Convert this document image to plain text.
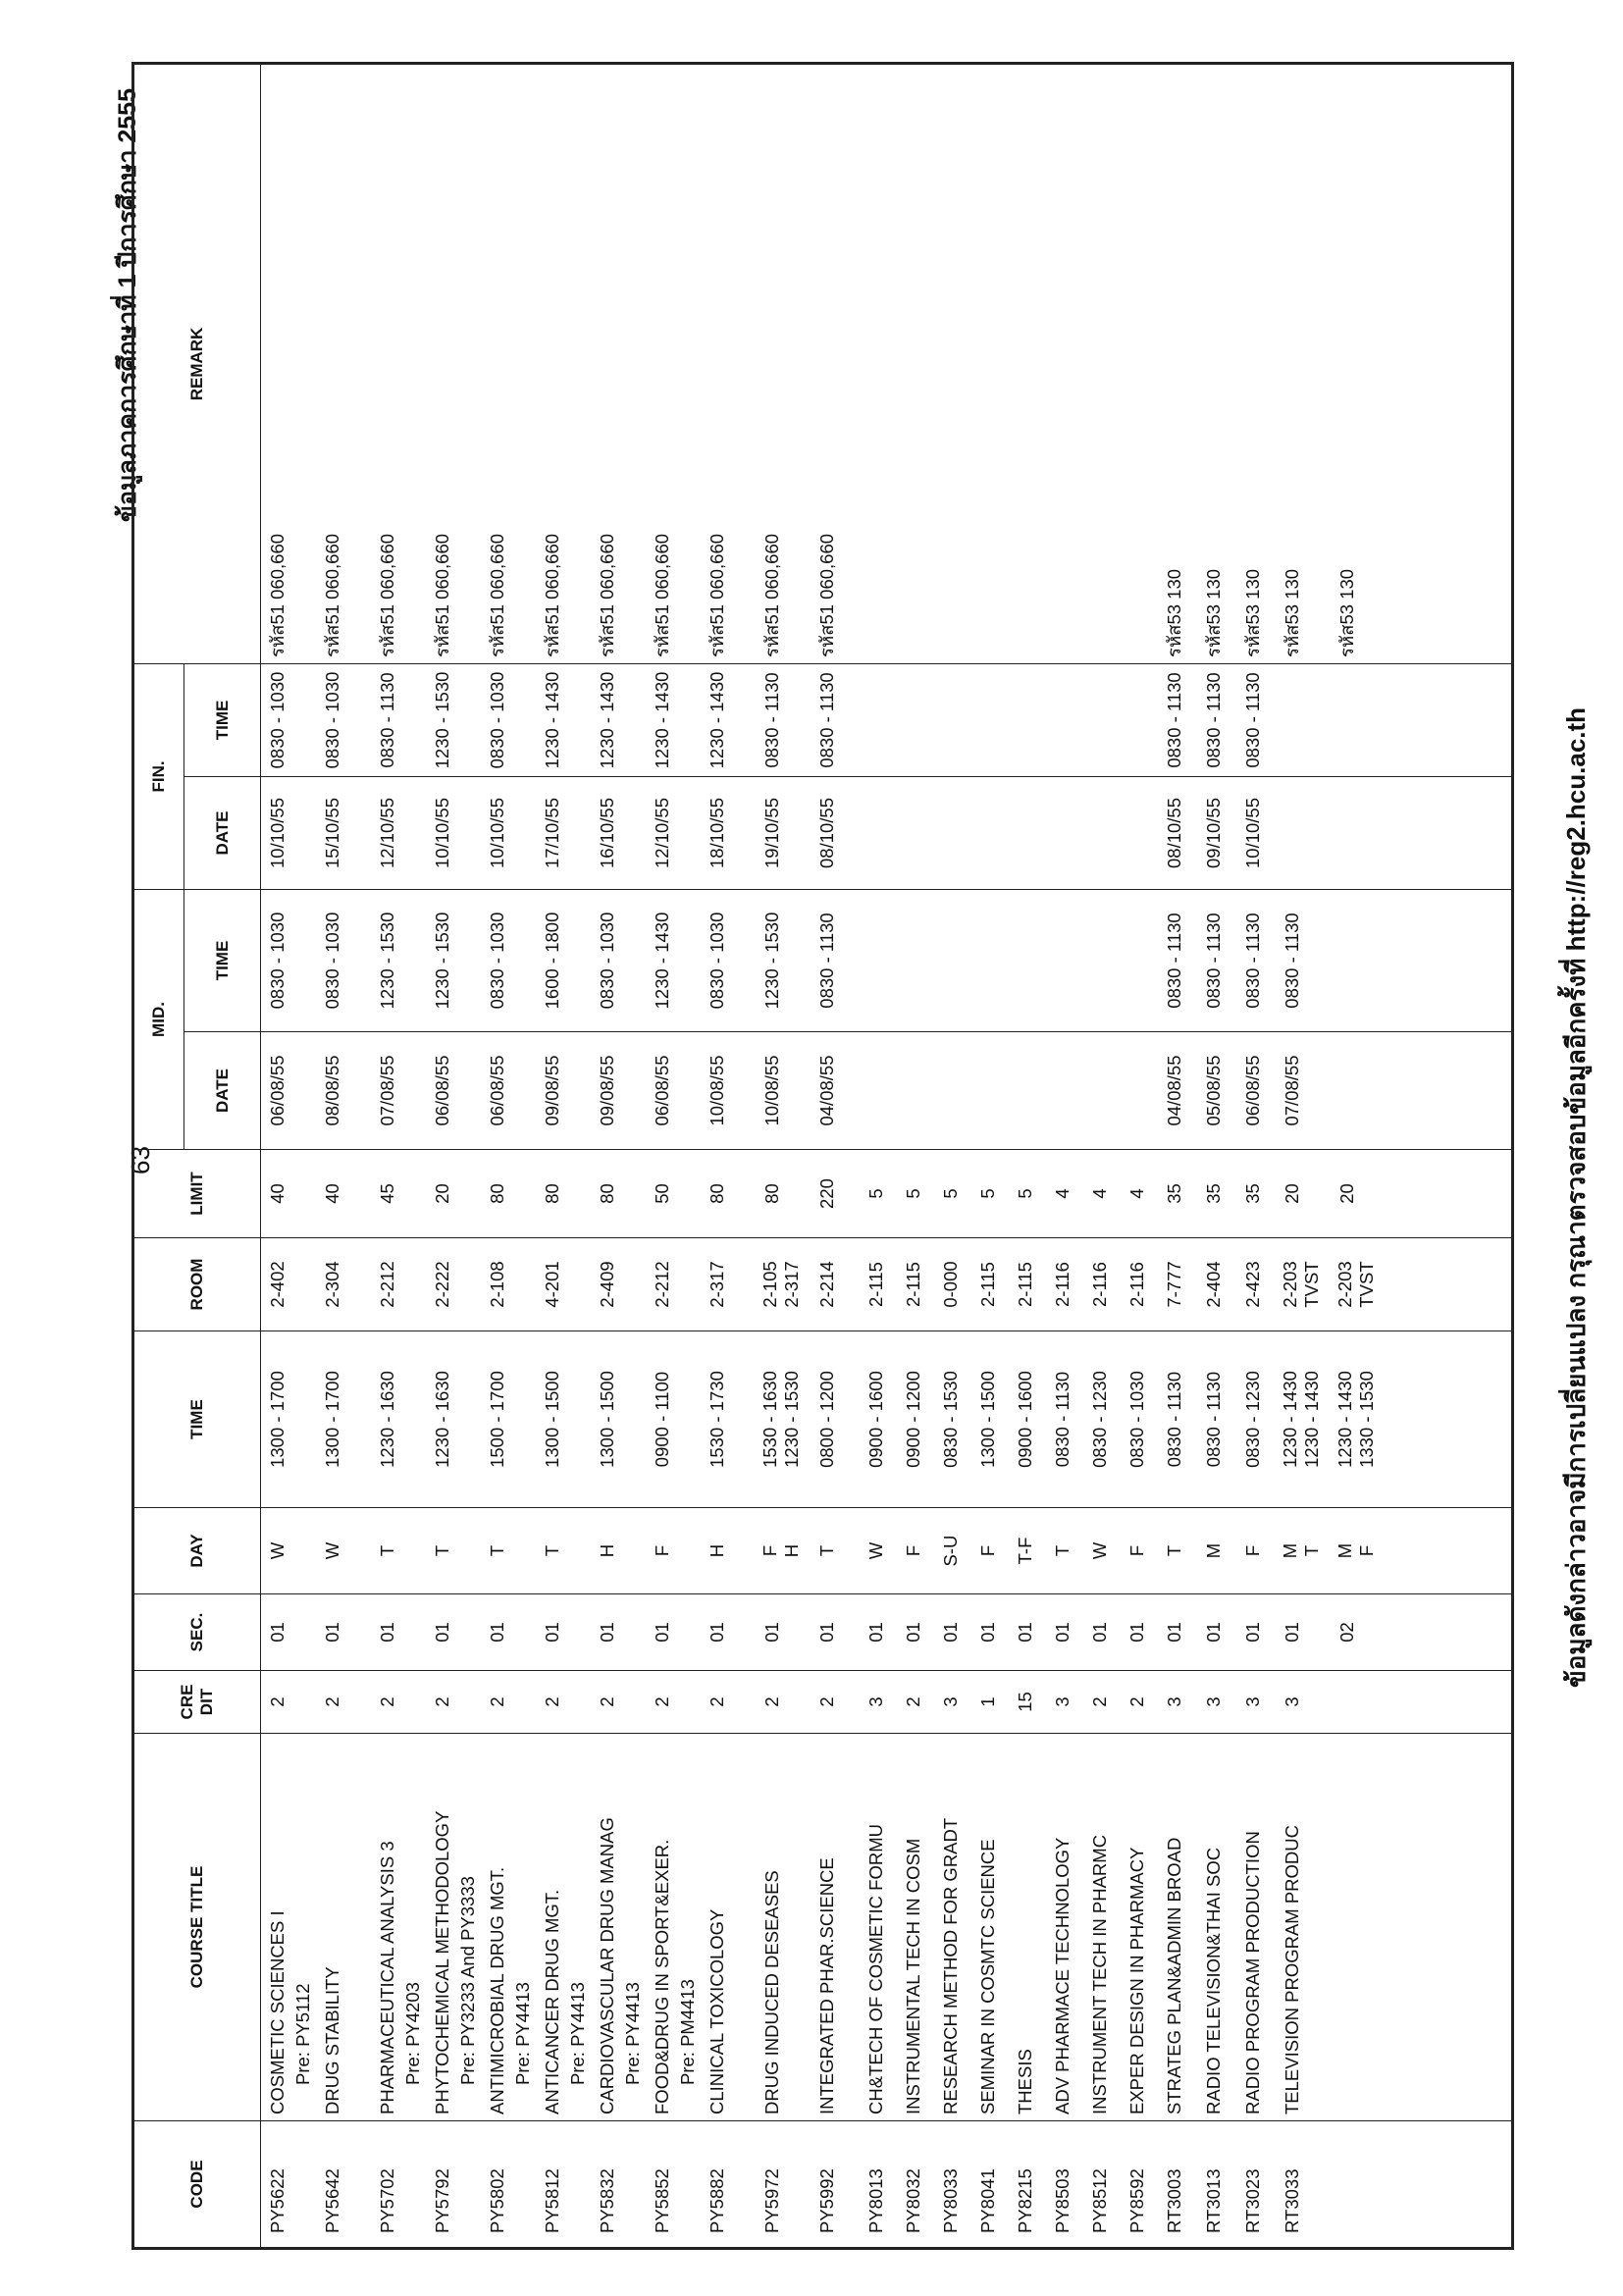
63
ข้อมูลภาคการศึกษาที่ 1 ปีการศึกษา 2555
CODE	COURSE TITLE	CRE DIT	SEC.	DAY	TIME	ROOM	LIMIT	MID.		FIN.		REMARK
								DATE	TIME	DATE	TIME	
PY5622	COSMETIC SCIENCES I Pre: PY5112	2	01	W	1300 - 1700	2-402	40	06/08/55	0830 - 1030	10/10/55	0830 - 1030	รหัส51 060,660
PY5642	DRUG STABILITY	2	01	W	1300 - 1700	2-304	40	08/08/55	0830 - 1030	15/10/55	0830 - 1030	รหัส51 060,660
PY5702	PHARMACEUTICAL ANALYSIS 3 Pre: PY4203	2	01	T	1230 - 1630	2-212	45	07/08/55	1230 - 1530	12/10/55	0830 - 1130	รหัส51 060,660
PY5792	PHYTOCHEMICAL METHODOLOGY Pre: PY3233 And PY3333	2	01	T	1230 - 1630	2-222	20	06/08/55	1230 - 1530	10/10/55	1230 - 1530	รหัส51 060,660
PY5802	ANTIMICROBIAL DRUG MGT. Pre: PY4413	2	01	T	1500 - 1700	2-108	80	06/08/55	0830 - 1030	10/10/55	0830 - 1030	รหัส51 060,660
PY5812	ANTICANCER DRUG MGT. Pre: PY4413	2	01	T	1300 - 1500	4-201	80	09/08/55	1600 - 1800	17/10/55	1230 - 1430	รหัส51 060,660
PY5832	CARDIOVASCULAR DRUG MANAG Pre: PY4413	2	01	H	1300 - 1500	2-409	80	09/08/55	0830 - 1030	16/10/55	1230 - 1430	รหัส51 060,660
PY5852	FOOD&DRUG IN SPORT&EXER. Pre: PM4413	2	01	F	0900 - 1100	2-212	50	06/08/55	1230 - 1430	12/10/55	1230 - 1430	รหัส51 060,660
PY5882	CLINICAL TOXICOLOGY	2	01	H	1530 - 1730	2-317	80	10/08/55	0830 - 1030	18/10/55	1230 - 1430	รหัส51 060,660
PY5972	DRUG INDUCED DESEASES	2	01	F H	1530 - 1630 1230 - 1530	2-105 2-317	80	10/08/55	1230 - 1530	19/10/55	0830 - 1130	รหัส51 060,660
PY5992	INTEGRATED PHAR.SCIENCE	2	01	T	0800 - 1200	2-214	220	04/08/55	0830 - 1130	08/10/55	0830 - 1130	รหัส51 060,660
PY8013	CH&TECH OF COSMETIC FORMU	3	01	W	0900 - 1600	2-115	5					
PY8032	INSTRUMENTAL TECH IN COSM	2	01	F	0900 - 1200	2-115	5					
PY8033	RESEARCH METHOD FOR GRADT	3	01	S-U	0830 - 1530	0-000	5					
PY8041	SEMINAR IN COSMTC SCIENCE	1	01	F	1300 - 1500	2-115	5					
PY8215	THESIS	15	01	T-F	0900 - 1600	2-115	5					
PY8503	ADV PHARMACE TECHNOLOGY	3	01	T	0830 - 1130	2-116	4					
PY8512	INSTRUMENT TECH IN PHARMC	2	01	W	0830 - 1230	2-116	4					
PY8592	EXPER DESIGN IN PHARMACY	2	01	F	0830 - 1030	2-116	4					
RT3003	STRATEG PLAN&ADMIN BROAD	3	01	T	0830 - 1130	7-777	35	04/08/55	0830 - 1130	08/10/55	0830 - 1130	รหัส53 130
RT3013	RADIO TELEVISION&THAI SOC	3	01	M	0830 - 1130	2-404	35	05/08/55	0830 - 1130	09/10/55	0830 - 1130	รหัส53 130
RT3023	RADIO PROGRAM PRODUCTION	3	01	F	0830 - 1230	2-423	35	06/08/55	0830 - 1130	10/10/55	0830 - 1130	รหัส53 130
RT3033	TELEVISION PROGRAM PRODUC	3	01	M T	1230 - 1430 1230 - 1430	2-203 TVST	20	07/08/55	0830 - 1130			รหัส53 130

		02	M F	1230 - 1430 1330 - 1530	2-203 TVST	20					รหัส53 130

ข้อมูลดังกล่าวอาจมีการเปลี่ยนแปลง กรุณาตรวจสอบข้อมูลอีกครั้งที่ http://reg2.hcu.ac.th
